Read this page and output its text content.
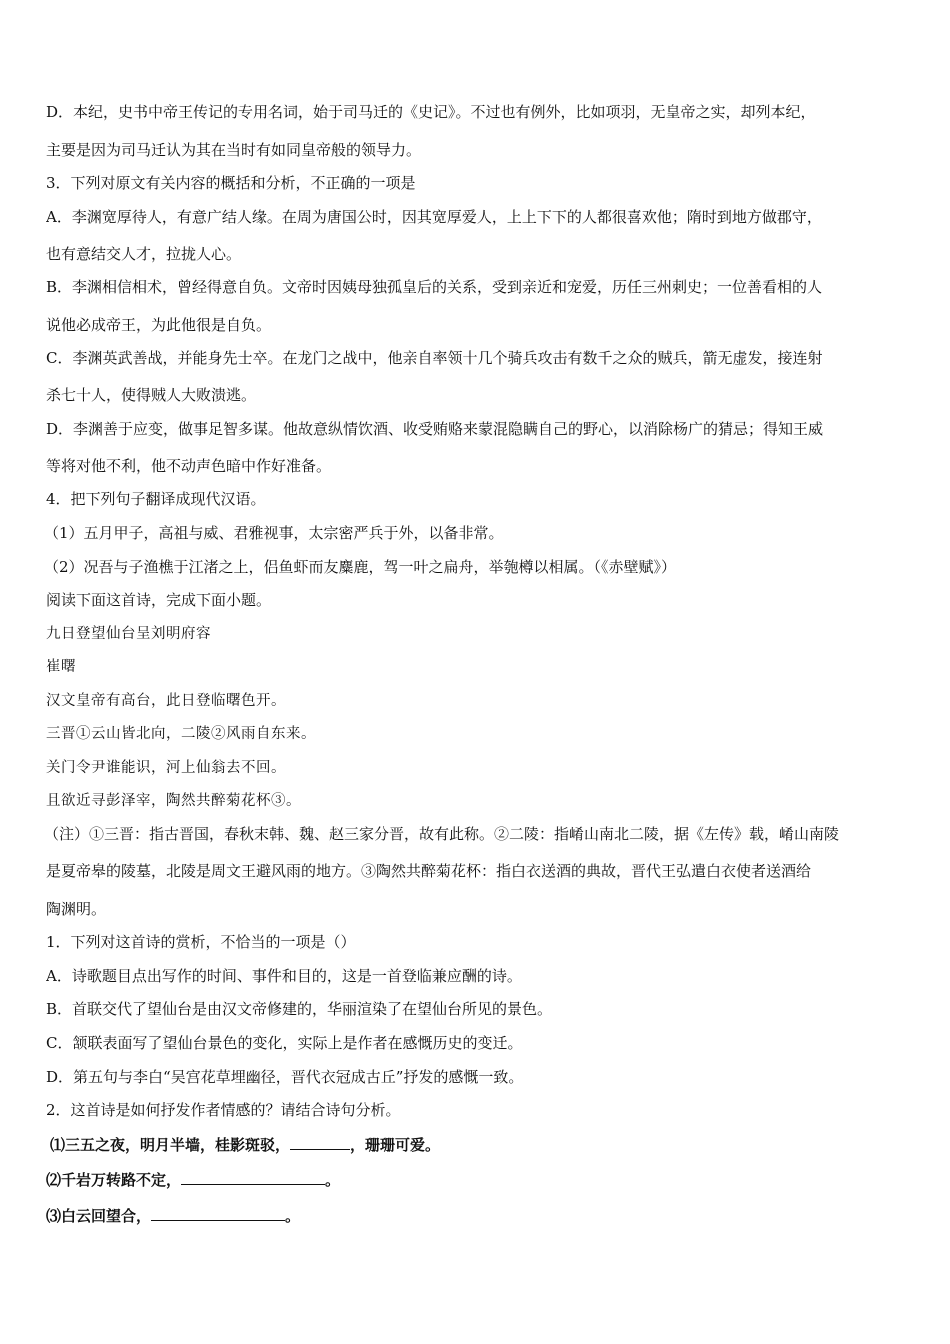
D．本纪，史书中帝王传记的专用名词，始于司马迁的《史记》。不过也有例外，比如项羽，无皇帝之实，却列本纪，
主要是因为司马迁认为其在当时有如同皇帝般的领导力。
3．下列对原文有关内容的概括和分析，不正确的一项是
A．李渊宽厚待人，有意广结人缘。在周为唐国公时，因其宽厚爱人，上上下下的人都很喜欢他；隋时到地方做郡守，
也有意结交人才，拉拢人心。
B．李渊相信相术，曾经得意自负。文帝时因姨母独孤皇后的关系，受到亲近和宠爱，历任三州刺史；一位善看相的人
说他必成帝王，为此他很是自负。
C．李渊英武善战，并能身先士卒。在龙门之战中，他亲自率领十几个骑兵攻击有数千之众的贼兵，箭无虚发，接连射
杀七十人，使得贼人大败溃逃。
D．李渊善于应变，做事足智多谋。他故意纵情饮酒、收受贿赂来蒙混隐瞒自己的野心，以消除杨广的猜忌；得知王威
等将对他不利，他不动声色暗中作好准备。
4．把下列句子翻译成现代汉语。
（1）五月甲子，高祖与威、君雅视事，太宗密严兵于外，以备非常。
（2）况吾与子渔樵于江渚之上，侣鱼虾而友麋鹿，驾一叶之扁舟，举匏樽以相属。（《赤壁赋》）
阅读下面这首诗，完成下面小题。
九日登望仙台呈刘明府容
崔曙
汉文皇帝有高台，此日登临曙色开。
三晋①云山皆北向，二陵②风雨自东来。
关门令尹谁能识，河上仙翁去不回。
且欲近寻彭泽宰，陶然共醉菊花杯③。
（注）①三晋：指古晋国，春秋末韩、魏、赵三家分晋，故有此称。②二陵：指崤山南北二陵，据《左传》载，崤山南陵
是夏帝皋的陵墓，北陵是周文王避风雨的地方。③陶然共醉菊花杯：指白衣送酒的典故，晋代王弘遣白衣使者送酒给
陶渊明。
1．下列对这首诗的赏析，不恰当的一项是（）
A．诗歌题目点出写作的时间、事件和目的，这是一首登临兼应酬的诗。
B．首联交代了望仙台是由汉文帝修建的，华丽渲染了在望仙台所见的景色。
C．颔联表面写了望仙台景色的变化，实际上是作者在感慨历史的变迁。
D．第五句与李白“吴宫花草埋幽径，晋代衣冠成古丘”抒发的感慨一致。
2．这首诗是如何抒发作者情感的？请结合诗句分析。
⑴三五之夜，明月半墙，桂影斑驳，	，珊珊可爱。
⑵千岩万转路不定，	。
⑶白云回望合，	。
